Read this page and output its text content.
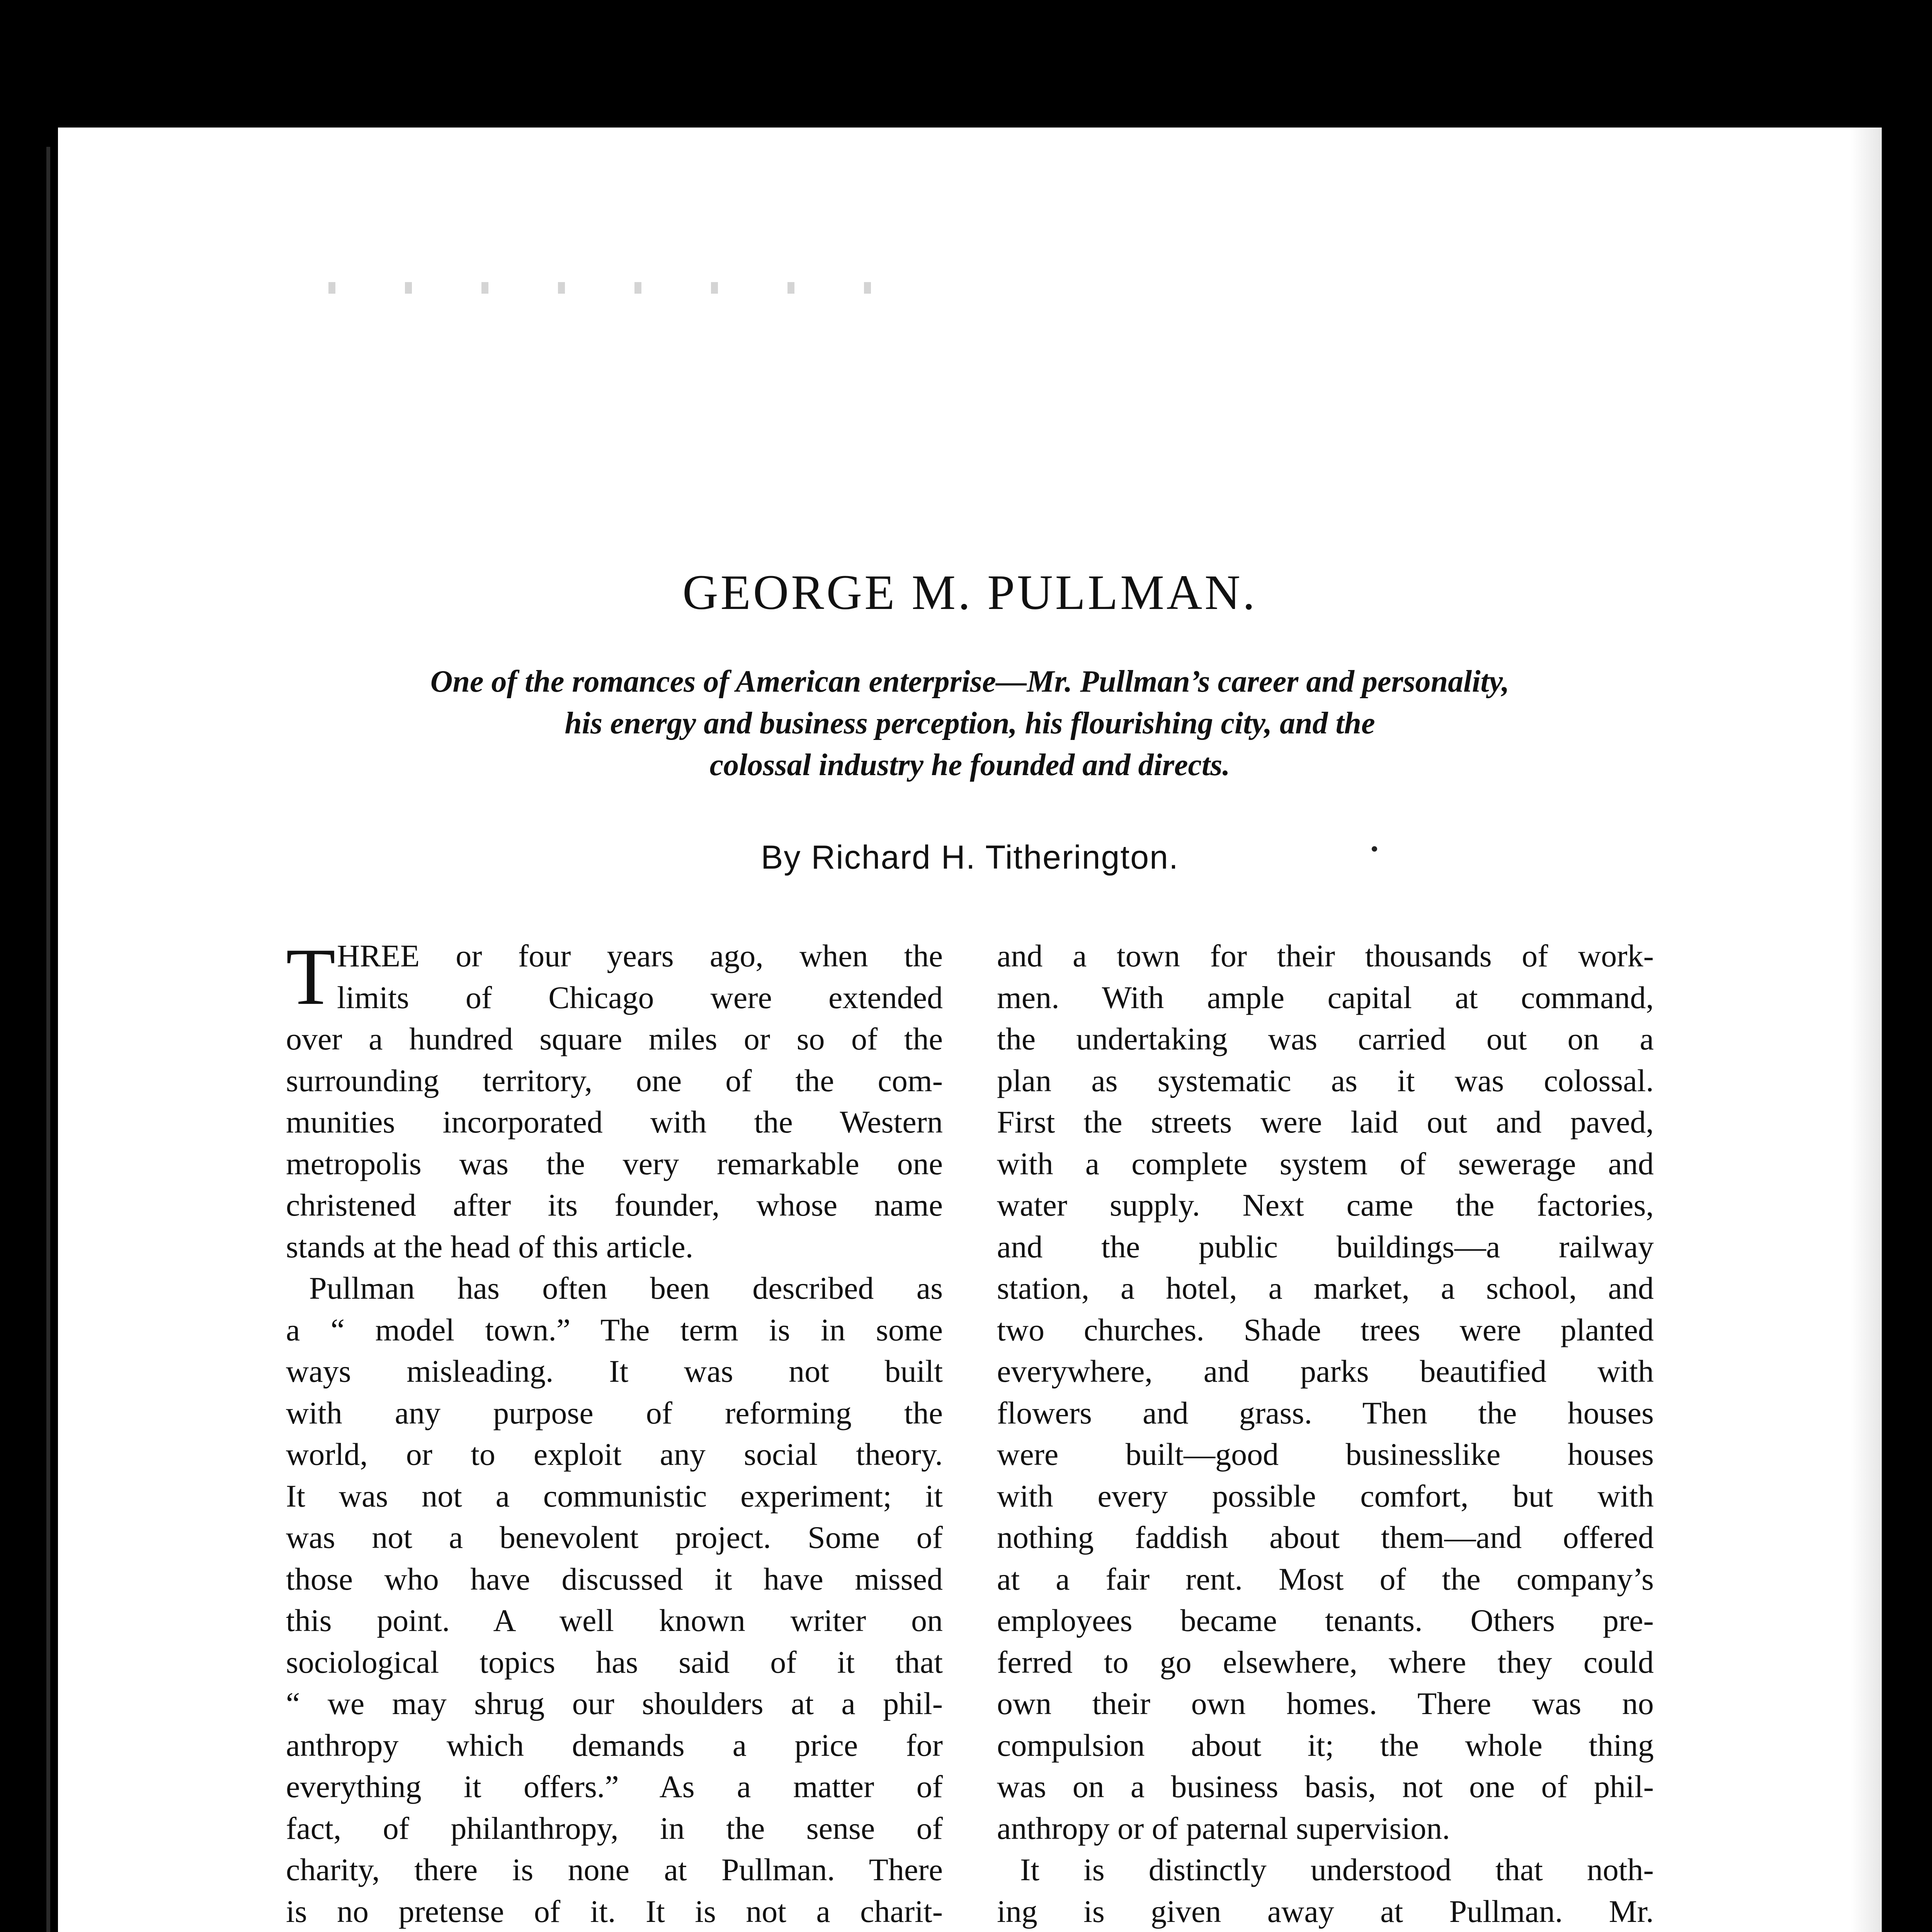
GEORGE M. PULLMAN.
One of the romances of American enterprise—Mr. Pullman’s career and personality,
his energy and business perception, his flourishing city, and the
colossal industry he founded and directs.
By Richard H. Titherington.
T HREE or four years ago, when the
limits of Chicago were extended
over a hundred square miles or so of the
surrounding territory, one of the com-
munities incorporated with the Western
metropolis was the very remarkable one
christened after its founder, whose name
stands at the head of this article.
Pullman has often been described as
a “ model town.” The term is in some
ways misleading. It was not built
with any purpose of reforming the
world, or to exploit any social theory.
It was not a communistic experiment; it
was not a benevolent project. Some of
those who have discussed it have missed
this point. A well known writer on
sociological topics has said of it that
“ we may shrug our shoulders at a phil-
anthropy which demands a price for
everything it offers.” As a matter of
fact, of philanthropy, in the sense of
charity, there is none at Pullman. There
is no pretense of it. It is not a charit-
and a town for their thousands of work-
men. With ample capital at command,
the undertaking was carried out on a
plan as systematic as it was colossal.
First the streets were laid out and paved,
with a complete system of sewerage and
water supply. Next came the factories,
and the public buildings—a railway
station, a hotel, a market, a school, and
two churches. Shade trees were planted
everywhere, and parks beautified with
flowers and grass. Then the houses
were built—good businesslike houses
with every possible comfort, but with
nothing faddish about them—and offered
at a fair rent. Most of the company’s
employees became tenants. Others pre-
ferred to go elsewhere, where they could
own their own homes. There was no
compulsion about it; the whole thing
was on a business basis, not one of phil-
anthropy or of paternal supervision.
It is distinctly understood that noth-
ing is given away at Pullman. Mr.
